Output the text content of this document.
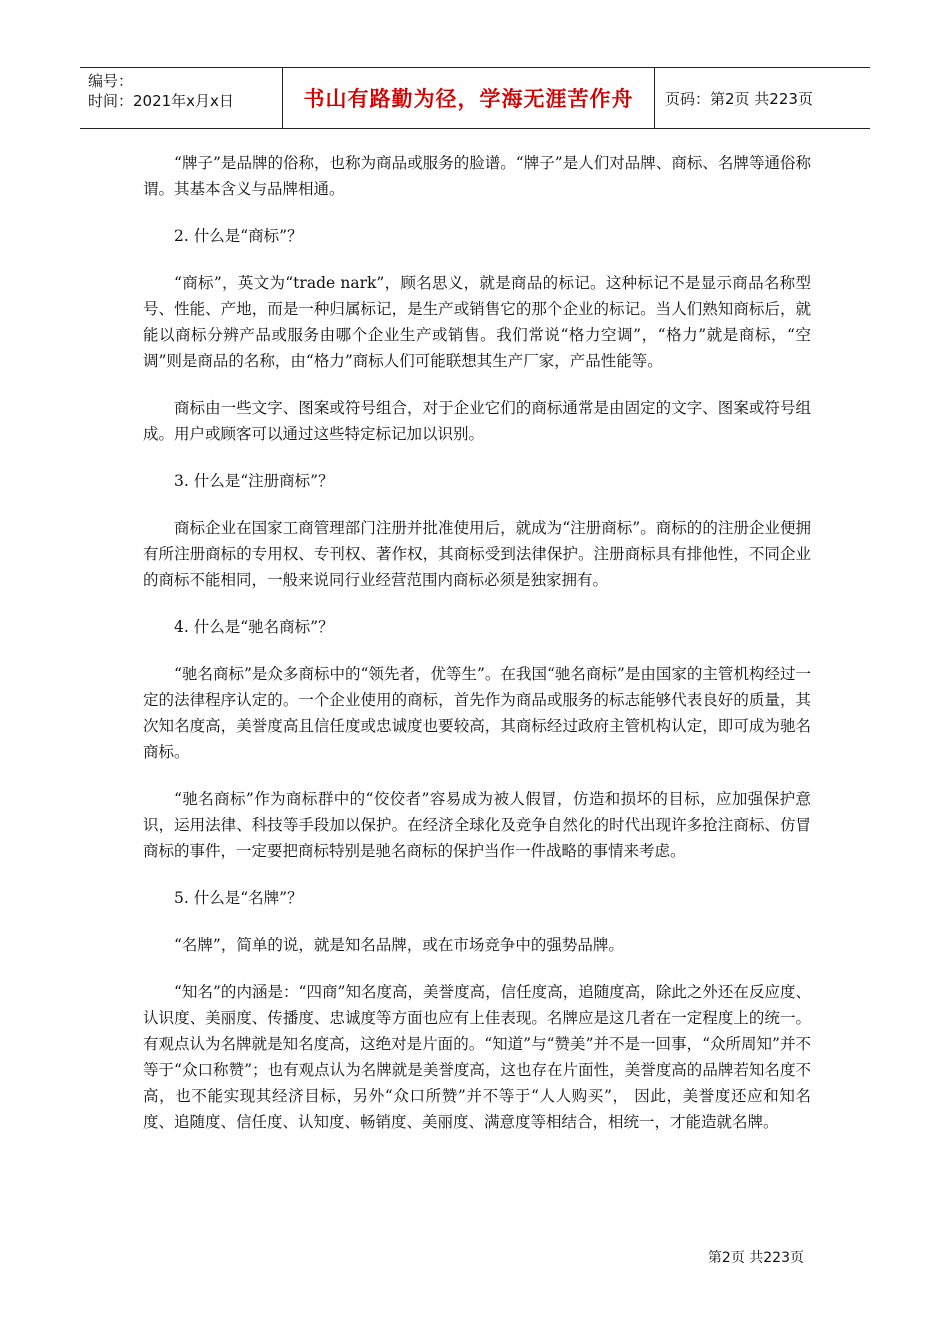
编号：
时间：2021年x月x日	书山有路勤为径，学海无涯苦作舟	页码：第2页 共223页

“牌子”是品牌的俗称，也称为商品或服务的脸谱。“牌子”是人们对品牌、商标、名牌等通俗称谓。其基本含义与品牌相通。

2. 什么是“商标”？

“商标”，英文为“trade nark”，顾名思义，就是商品的标记。这种标记不是显示商品名称型号、性能、产地，而是一种归属标记，是生产或销售它的那个企业的标记。当人们熟知商标后，就能以商标分辨产品或服务由哪个企业生产或销售。我们常说“格力空调”，“格力”就是商标，“空调”则是商品的名称，由“格力”商标人们可能联想其生产厂家，产品性能等。

商标由一些文字、图案或符号组合，对于企业它们的商标通常是由固定的文字、图案或符号组成。用户或顾客可以通过这些特定标记加以识别。

3. 什么是“注册商标”？

商标企业在国家工商管理部门注册并批准使用后，就成为“注册商标”。商标的的注册企业便拥有所注册商标的专用权、专刊权、著作权，其商标受到法律保护。注册商标具有排他性，不同企业的商标不能相同，一般来说同行业经营范围内商标必须是独家拥有。

4. 什么是“驰名商标”？

“驰名商标”是众多商标中的“领先者，优等生”。在我国“驰名商标”是由国家的主管机构经过一定的法律程序认定的。一个企业使用的商标，首先作为商品或服务的标志能够代表良好的质量，其次知名度高，美誉度高且信任度或忠诚度也要较高，其商标经过政府主管机构认定，即可成为驰名商标。

“驰名商标”作为商标群中的“佼佼者”容易成为被人假冒，仿造和损坏的目标，应加强保护意识，运用法律、科技等手段加以保护。在经济全球化及竞争自然化的时代出现许多抢注商标、仿冒商标的事件，一定要把商标特别是驰名商标的保护当作一件战略的事情来考虑。

5. 什么是“名牌”？

“名牌”，简单的说，就是知名品牌，或在市场竞争中的强势品牌。

“知名”的内涵是：“四商”知名度高，美誉度高，信任度高，追随度高，除此之外还在反应度、认识度、美丽度、传播度、忠诚度等方面也应有上佳表现。名牌应是这几者在一定程度上的统一。有观点认为名牌就是知名度高，这绝对是片面的。“知道”与“赞美”并不是一回事，“众所周知”并不等于“众口称赞”；也有观点认为名牌就是美誉度高，这也存在片面性，美誉度高的品牌若知名度不高，也不能实现其经济目标，另外“众口所赞”并不等于“人人购买”， 因此，美誉度还应和知名度、追随度、信任度、认知度、畅销度、美丽度、满意度等相结合，相统一，才能造就名牌。

第2页 共223页
